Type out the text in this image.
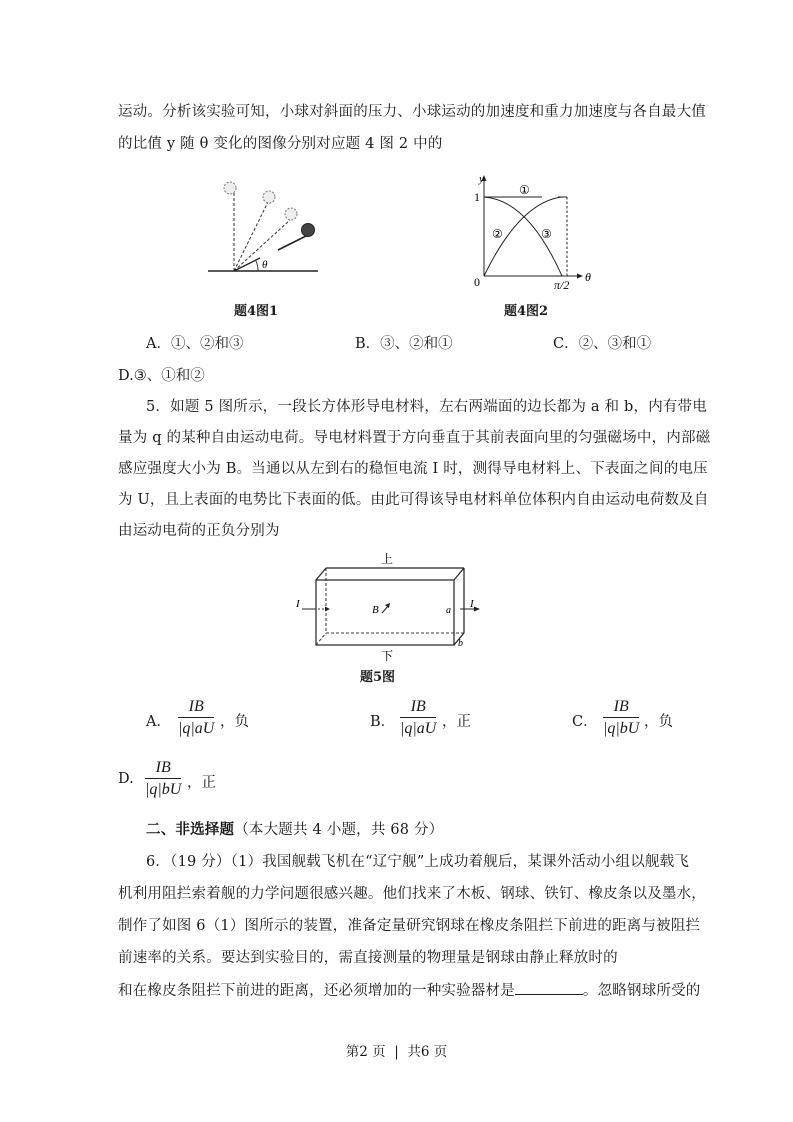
运动。分析该实验可知，小球对斜面的压力、小球运动的加速度和重力加速度与各自最大值
的比值 y 随 θ 变化的图像分别对应题 4 图 2 中的
θ
题4图1
y
1
0	π/2
θ
①
②	③
题4图2
A．①、②和③	B．③、②和①	C．②、③和①
D.③、①和②
5．如题 5 图所示，一段长方体形导电材料，左右两端面的边长都为 a 和 b，内有带电
量为 q 的某种自由运动电荷。导电材料置于方向垂直于其前表面向里的匀强磁场中，内部磁
感应强度大小为 B。当通以从左到右的稳恒电流 I 时，测得导电材料上、下表面之间的电压
为 U，且上表面的电势比下表面的低。由此可得该导电材料单位体积内自由运动电荷数及自
由运动电荷的正负分别为
B
I	I
a
b
上
下
题5图
A． $\frac{IB}{|q|aU}$ ，负	B． $\frac{IB}{|q|aU}$ ，正	C． $\frac{IB}{|q|bU}$ ，负
D. $\frac{IB}{|q|bU}$ ，正
二、非选择题（本大题共 4 小题，共 68 分）
6．（19 分）（1）我国舰载飞机在“辽宁舰”上成功着舰后，某课外活动小组以舰载飞
机利用阻拦索着舰的力学问题很感兴趣。他们找来了木板、钢球、铁钉、橡皮条以及墨水，
制作了如图 6（1）图所示的装置，准备定量研究钢球在橡皮条阻拦下前进的距离与被阻拦
前速率的关系。要达到实验目的，需直接测量的物理量是钢球由静止释放时的
和在橡皮条阻拦下前进的距离，还必须增加的一种实验器材是	。忽略钢球所受的
第2 页 | 共6 页
